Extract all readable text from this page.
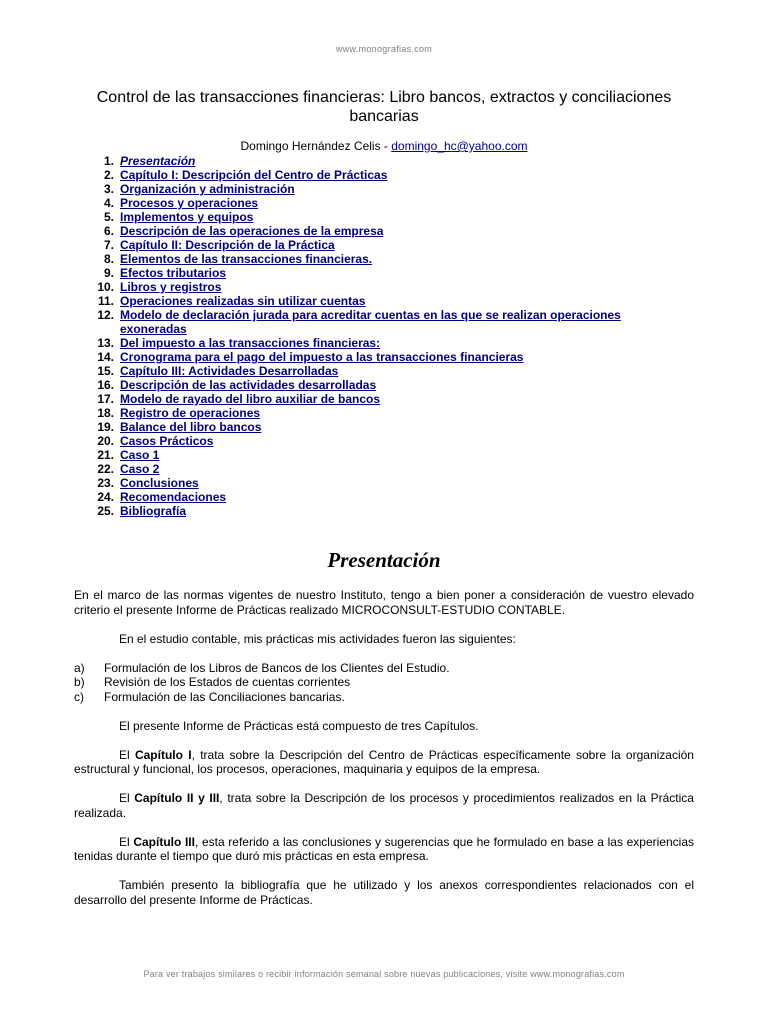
www.monografias.com
Control de las transacciones financieras: Libro bancos, extractos y conciliaciones bancarias
Domingo Hernández Celis - domingo_hc@yahoo.com
1. Presentación
2. Capítulo I: Descripción del Centro de Prácticas
3. Organización y administración
4. Procesos y operaciones
5. Implementos y equipos
6. Descripción de las operaciones de la empresa
7. Capítulo II: Descripción de la Práctica
8. Elementos de las transacciones financieras.
9. Efectos tributarios
10. Libros y registros
11. Operaciones realizadas sin utilizar cuentas
12. Modelo de declaración jurada para acreditar cuentas en las que se realizan operaciones exoneradas
13. Del impuesto a las transacciones financieras:
14. Cronograma para el pago del impuesto a las transacciones financieras
15. Capítulo III: Actividades Desarrolladas
16. Descripción de las actividades desarrolladas
17. Modelo de rayado del libro auxiliar de bancos
18. Registro de operaciones
19. Balance del libro bancos
20. Casos Prácticos
21. Caso 1
22. Caso 2
23. Conclusiones
24. Recomendaciones
25. Bibliografía
Presentación

En el marco de las normas vigentes de nuestro Instituto, tengo a bien poner a consideración de vuestro elevado criterio el presente Informe de Prácticas realizado MICROCONSULT-ESTUDIO CONTABLE.

En el estudio contable, mis prácticas mis actividades fueron las siguientes:

a) Formulación de los Libros de Bancos de los Clientes del Estudio.
b) Revisión de los Estados de cuentas corrientes
c) Formulación de las Conciliaciones bancarias.

El presente Informe de Prácticas está compuesto de tres Capítulos.

El Capítulo I, trata sobre la Descripción del Centro de Prácticas específicamente sobre la organización estructural y funcional, los procesos, operaciones, maquinaria y equipos de la empresa.

El Capítulo II y III, trata sobre la Descripción de los procesos y procedimientos realizados en la Práctica realizada.

El Capítulo III, esta referido a las conclusiones y sugerencias que he formulado en base a las experiencias tenidas durante el tiempo que duró mis prácticas en esta empresa.

También presento la bibliografía que he utilizado y los anexos correspondientes relacionados con el desarrollo del presente Informe de Prácticas.

Para ver trabajos similares o recibir información semanal sobre nuevas publicaciones, visite www.monografias.com
